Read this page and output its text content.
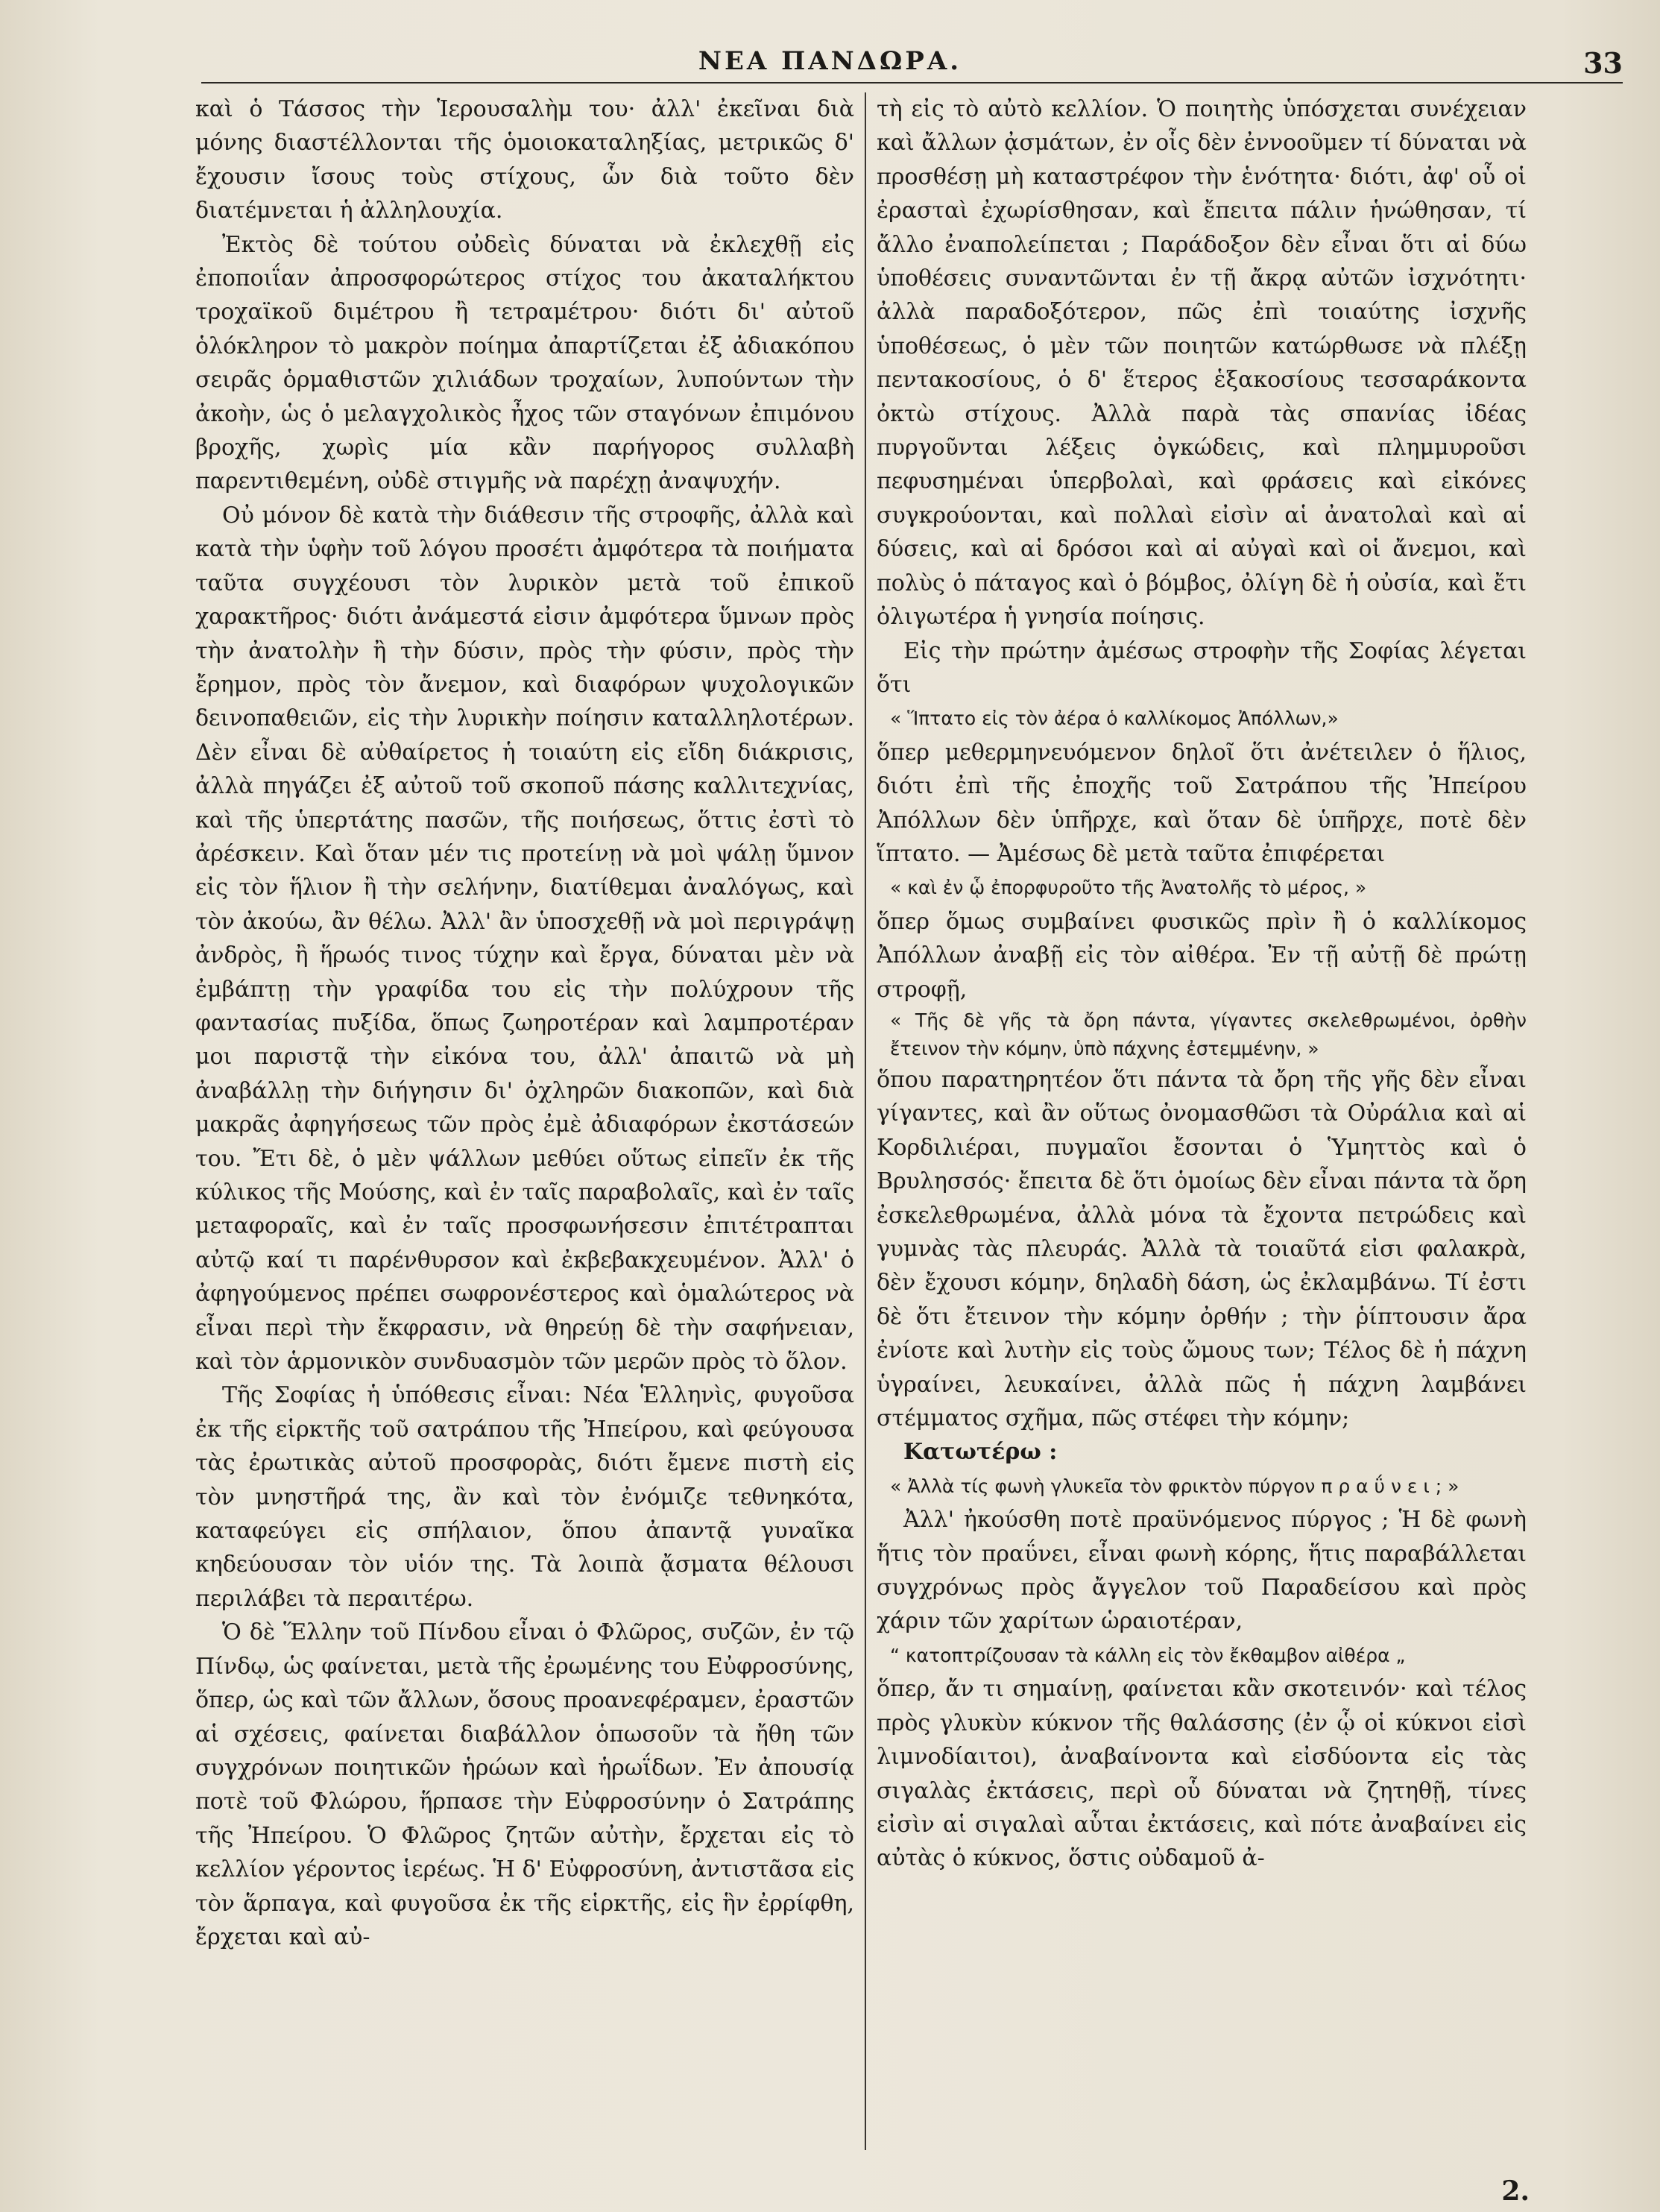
ΝΕΑ ΠΑΝΔΩΡΑ.	33

καὶ ὁ Τάσσος τὴν Ἱερουσαλὴμ του· ἀλλ' ἐκεῖναι διὰ μόνης διαστέλλονται τῆς ὁμοιοκαταληξίας, μετρικῶς δ' ἔχουσιν ἴσους τοὺς στίχους, ὧν διὰ τοῦτο δὲν διατέμνεται ἡ ἀλληλουχία.

Ἐκτὸς δὲ τούτου οὐδεὶς δύναται νὰ ἐκλεχθῇ εἰς ἐποποιΐαν ἀπροσφορώτερος στίχος του ἀκαταλήκτου τροχαϊκοῦ διμέτρου ἢ τετραμέτρου· διότι δι' αὐτοῦ ὁλόκληρον τὸ μακρὸν ποίημα ἀπαρτίζεται ἐξ ἀδιακόπου σειρᾶς ὁρμαθιστῶν χιλιάδων τροχαίων, λυπούντων τὴν ἀκοὴν, ὡς ὁ μελαγχολικὸς ἦχος τῶν σταγόνων ἐπιμόνου βροχῆς, χωρὶς μία κἂν παρήγορος συλλαβὴ παρεντιθεμένη, οὐδὲ στιγμῆς νὰ παρέχῃ ἀναψυχήν.

Οὐ μόνον δὲ κατὰ τὴν διάθεσιν τῆς στροφῆς, ἀλλὰ καὶ κατὰ τὴν ὑφὴν τοῦ λόγου προσέτι ἀμφότερα τὰ ποιήματα ταῦτα συγχέουσι τὸν λυρικὸν μετὰ τοῦ ἐπικοῦ χαρακτῆρος· διότι ἀνάμεστά εἰσιν ἀμφότερα ὕμνων πρὸς τὴν ἀνατολὴν ἢ τὴν δύσιν, πρὸς τὴν φύσιν, πρὸς τὴν ἔρημον, πρὸς τὸν ἄνεμον, καὶ διαφόρων ψυχολογικῶν δεινοπαθειῶν, εἰς τὴν λυρικὴν ποίησιν καταλληλοτέρων. Δὲν εἶναι δὲ αὐθαίρετος ἡ τοιαύτη εἰς εἴδη διάκρισις, ἀλλὰ πηγάζει ἐξ αὐτοῦ τοῦ σκοποῦ πάσης καλλιτεχνίας, καὶ τῆς ὑπερτάτης πασῶν, τῆς ποιήσεως, ὅττις ἐστὶ τὸ ἀρέσκειν. Καὶ ὅταν μέν τις προτείνῃ νὰ μοὶ ψάλῃ ὕμνον εἰς τὸν ἥλιον ἢ τὴν σελήνην, διατίθεμαι ἀναλόγως, καὶ τὸν ἀκούω, ἂν θέλω. Ἀλλ' ἂν ὑποσχεθῇ νὰ μοὶ περιγράψῃ ἀνδρὸς, ἢ ἥρωός τινος τύχην καὶ ἔργα, δύναται μὲν νὰ ἐμβάπτῃ τὴν γραφίδα του εἰς τὴν πολύχρουν τῆς φαντασίας πυξίδα, ὅπως ζωηροτέραν καὶ λαμπροτέραν μοι παριστᾷ τὴν εἰκόνα του, ἀλλ' ἀπαιτῶ νὰ μὴ ἀναβάλλῃ τὴν διήγησιν δι' ὀχληρῶν διακοπῶν, καὶ διὰ μακρᾶς ἀφηγήσεως τῶν πρὸς ἐμὲ ἀδιαφόρων ἐκστάσεών του. Ἔτι δὲ, ὁ μὲν ψάλλων μεθύει οὕτως εἰπεῖν ἐκ τῆς κύλικος τῆς Μούσης, καὶ ἐν ταῖς παραβολαῖς, καὶ ἐν ταῖς μεταφοραῖς, καὶ ἐν ταῖς προσφωνήσεσιν ἐπιτέτραπται αὐτῷ καί τι παρένθυρσον καὶ ἐκβεβακχευμένον. Ἀλλ' ὁ ἀφηγούμενος πρέπει σωφρονέστερος καὶ ὁμαλώτερος νὰ εἶναι περὶ τὴν ἔκφρασιν, νὰ θηρεύῃ δὲ τὴν σαφήνειαν, καὶ τὸν ἁρμονικὸν συνδυασμὸν τῶν μερῶν πρὸς τὸ ὅλον.

Τῆς Σοφίας ἡ ὑπόθεσις εἶναι: Νέα Ἑλληνὶς, φυγοῦσα ἐκ τῆς εἱρκτῆς τοῦ σατράπου τῆς Ἠπείρου, καὶ φεύγουσα τὰς ἐρωτικὰς αὐτοῦ προσφορὰς, διότι ἔμενε πιστὴ εἰς τὸν μνηστῆρά της, ἂν καὶ τὸν ἐνόμιζε τεθνηκότα, καταφεύγει εἰς σπήλαιον, ὅπου ἀπαντᾷ γυναῖκα κηδεύουσαν τὸν υἱόν της. Τὰ λοιπὰ ᾄσματα θέλουσι περιλάβει τὰ περαιτέρω.

Ὁ δὲ Ἕλλην τοῦ Πίνδου εἶναι ὁ Φλῶρος, συζῶν, ἐν τῷ Πίνδῳ, ὡς φαίνεται, μετὰ τῆς ἐρωμένης του Εὐφροσύνης, ὅπερ, ὡς καὶ τῶν ἄλλων, ὅσους προανεφέραμεν, ἐραστῶν αἱ σχέσεις, φαίνεται διαβάλλον ὁπωσοῦν τὰ ἤθη τῶν συγχρόνων ποιητικῶν ἡρώων καὶ ἡρωΐδων. Ἐν ἀπουσίᾳ ποτὲ τοῦ Φλώρου, ἥρπασε τὴν Εὐφροσύνην ὁ Σατράπης τῆς Ἠπείρου. Ὁ Φλῶρος ζητῶν αὐτὴν, ἔρχεται εἰς τὸ κελλίον γέροντος ἱερέως. Ἡ δ' Εὐφροσύνη, ἀντιστᾶσα εἰς τὸν ἅρπαγα, καὶ φυγοῦσα ἐκ τῆς εἱρκτῆς, εἰς ἣν ἐρρίφθη, ἔρχεται καὶ αὐ-

τὴ εἰς τὸ αὐτὸ κελλίον. Ὁ ποιητὴς ὑπόσχεται συνέχειαν καὶ ἄλλων ᾀσμάτων, ἐν οἷς δὲν ἐννοοῦμεν τί δύναται νὰ προσθέσῃ μὴ καταστρέφον τὴν ἑνότητα· διότι, ἀφ' οὗ οἱ ἐρασταὶ ἐχωρίσθησαν, καὶ ἔπειτα πάλιν ἡνώθησαν, τί ἄλλο ἐναπολείπεται ; Παράδοξον δὲν εἶναι ὅτι αἱ δύω ὑποθέσεις συναντῶνται ἐν τῇ ἄκρᾳ αὐτῶν ἰσχνότητι· ἀλλὰ παραδοξότερον, πῶς ἐπὶ τοιαύτης ἰσχνῆς ὑποθέσεως, ὁ μὲν τῶν ποιητῶν κατώρθωσε νὰ πλέξῃ πεντακοσίους, ὁ δ' ἕτερος ἑξακοσίους τεσσαράκοντα ὀκτὼ στίχους. Ἀλλὰ παρὰ τὰς σπανίας ἰδέας πυργοῦνται λέξεις ὀγκώδεις, καὶ πλημμυροῦσι πεφυσημέναι ὑπερβολαὶ, καὶ φράσεις καὶ εἰκόνες συγκρούονται, καὶ πολλαὶ εἰσὶν αἱ ἀνατολαὶ καὶ αἱ δύσεις, καὶ αἱ δρόσοι καὶ αἱ αὐγαὶ καὶ οἱ ἄνεμοι, καὶ πολὺς ὁ πάταγος καὶ ὁ βόμβος, ὀλίγη δὲ ἡ οὐσία, καὶ ἔτι ὀλιγωτέρα ἡ γνησία ποίησις.

Εἰς τὴν πρώτην ἀμέσως στροφὴν τῆς Σοφίας λέγεται ὅτι

« Ἵπτατο εἰς τὸν ἀέρα ὁ καλλίκομος Ἀπόλλων,»

ὅπερ μεθερμηνευόμενον δηλοῖ ὅτι ἀνέτειλεν ὁ ἥλιος, διότι ἐπὶ τῆς ἐποχῆς τοῦ Σατράπου τῆς Ἠπείρου Ἀπόλλων δὲν ὑπῆρχε, καὶ ὅταν δὲ ὑπῆρχε, ποτὲ δὲν ἵπτατο. — Ἀμέσως δὲ μετὰ ταῦτα ἐπιφέρεται

« καὶ ἐν ᾧ ἐπορφυροῦτο τῆς Ἀνατολῆς τὸ μέρος, »

ὅπερ ὅμως συμβαίνει φυσικῶς πρὶν ἢ ὁ καλλίκομος Ἀπόλλων ἀναβῇ εἰς τὸν αἰθέρα. Ἐν τῇ αὐτῇ δὲ πρώτῃ στροφῇ,

« Τῆς δὲ γῆς τὰ ὄρη πάντα, γίγαντες σκελεθρωμένοι, ὀρθὴν ἔτεινον τὴν κόμην, ὑπὸ πάχνης ἐστεμμένην, »

ὅπου παρατηρητέον ὅτι πάντα τὰ ὄρη τῆς γῆς δὲν εἶναι γίγαντες, καὶ ἂν οὕτως ὀνομασθῶσι τὰ Οὐράλια καὶ αἱ Κορδιλιέραι, πυγμαῖοι ἔσονται ὁ Ὑμηττὸς καὶ ὁ Βρυλησσός· ἔπειτα δὲ ὅτι ὁμοίως δὲν εἶναι πάντα τὰ ὄρη ἐσκελεθρωμένα, ἀλλὰ μόνα τὰ ἔχοντα πετρώδεις καὶ γυμνὰς τὰς πλευράς. Ἀλλὰ τὰ τοιαῦτά εἰσι φαλακρὰ, δὲν ἔχουσι κόμην, δηλαδὴ δάση, ὡς ἐκλαμβάνω. Τί ἐστι δὲ ὅτι ἔτεινον τὴν κόμην ὀρθήν ; τὴν ῥίπτουσιν ἄρα ἐνίοτε καὶ λυτὴν εἰς τοὺς ὤμους των; Τέλος δὲ ἡ πάχνη ὑγραίνει, λευκαίνει, ἀλλὰ πῶς ἡ πάχνη λαμβάνει στέμματος σχῆμα, πῶς στέφει τὴν κόμην;

Κατωτέρω :

« Ἀλλὰ τίς φωνὴ γλυκεῖα τὸν φρικτὸν πύργον π ρ α ΰ ν ε ι ; »

Ἀλλ' ἠκούσθη ποτὲ πραϋνόμενος πύργος ; Ἡ δὲ φωνὴ ἥτις τὸν πραΰνει, εἶναι φωνὴ κόρης, ἥτις παραβάλλεται συγχρόνως πρὸς ἄγγελον τοῦ Παραδείσου καὶ πρὸς χάριν τῶν χαρίτων ὡραιοτέραν,

“ κατοπτρίζουσαν τὰ κάλλη εἰς τὸν ἔκθαμβον αἰθέρα „

ὅπερ, ἄν τι σημαίνῃ, φαίνεται κἂν σκοτεινόν· καὶ τέλος πρὸς γλυκὺν κύκνον τῆς θαλάσσης (ἐν ᾧ οἱ κύκνοι εἰσὶ λιμνοδίαιτοι), ἀναβαίνοντα καὶ εἰσδύοντα εἰς τὰς σιγαλὰς ἐκτάσεις, περὶ οὗ δύναται νὰ ζητηθῇ, τίνες εἰσὶν αἱ σιγαλαὶ αὗται ἐκτάσεις, καὶ πότε ἀναβαίνει εἰς αὐτὰς ὁ κύκνος, ὅστις οὐδαμοῦ ἀ-

2.
